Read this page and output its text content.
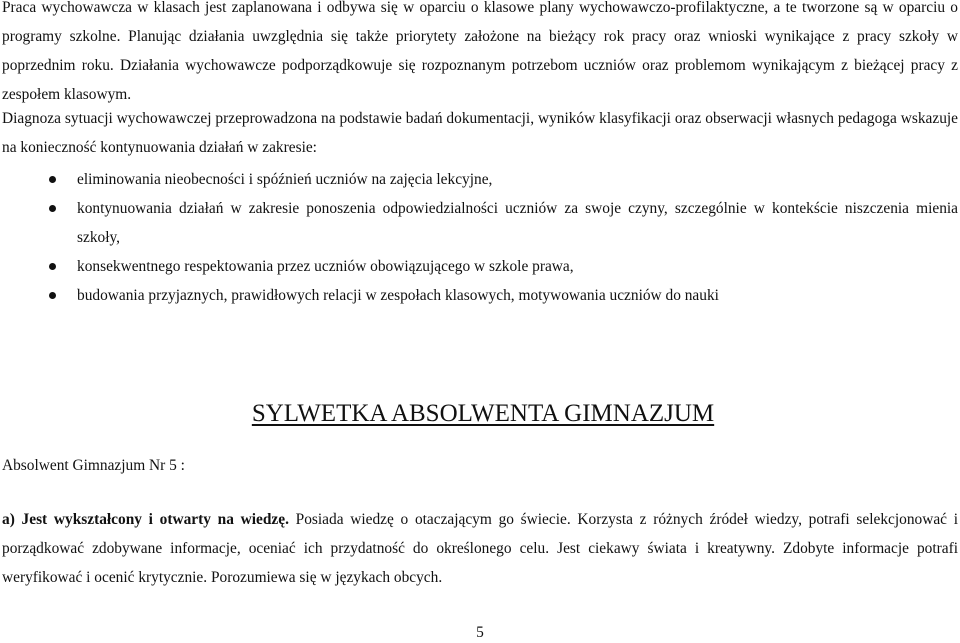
Praca wychowawcza w klasach jest zaplanowana i odbywa się w oparciu o klasowe plany wychowawczo-profilaktyczne, a te tworzone są w oparciu o programy szkolne. Planując działania uwzględnia się także priorytety założone na bieżący rok pracy oraz wnioski wynikające z pracy szkoły w poprzednim roku. Działania wychowawcze podporządkowuje się rozpoznanym potrzebom uczniów oraz problemom wynikającym z bieżącej pracy z zespołem klasowym.

Diagnoza sytuacji wychowawczej przeprowadzona na podstawie badań dokumentacji, wyników klasyfikacji oraz obserwacji własnych pedagoga wskazuje na konieczność kontynuowania działań w zakresie:

eliminowania nieobecności i spóźnień uczniów na zajęcia lekcyjne,
kontynuowania działań w zakresie ponoszenia odpowiedzialności uczniów za swoje czyny, szczególnie w kontekście niszczenia mienia szkoły,
konsekwentnego respektowania przez uczniów obowiązującego w szkole prawa,
budowania przyjaznych, prawidłowych relacji w zespołach klasowych, motywowania uczniów do nauki
SYLWETKA ABSOLWENTA GIMNAZJUM

Absolwent Gimnazjum Nr 5 :

a) Jest wykształcony i otwarty na wiedzę. Posiada wiedzę o otaczającym go świecie. Korzysta z różnych źródeł wiedzy, potrafi selekcjonować i porządkować zdobywane informacje, oceniać ich przydatność do określonego celu. Jest ciekawy świata i kreatywny. Zdobyte informacje potrafi weryfikować i ocenić krytycznie. Porozumiewa się w językach obcych.

5
